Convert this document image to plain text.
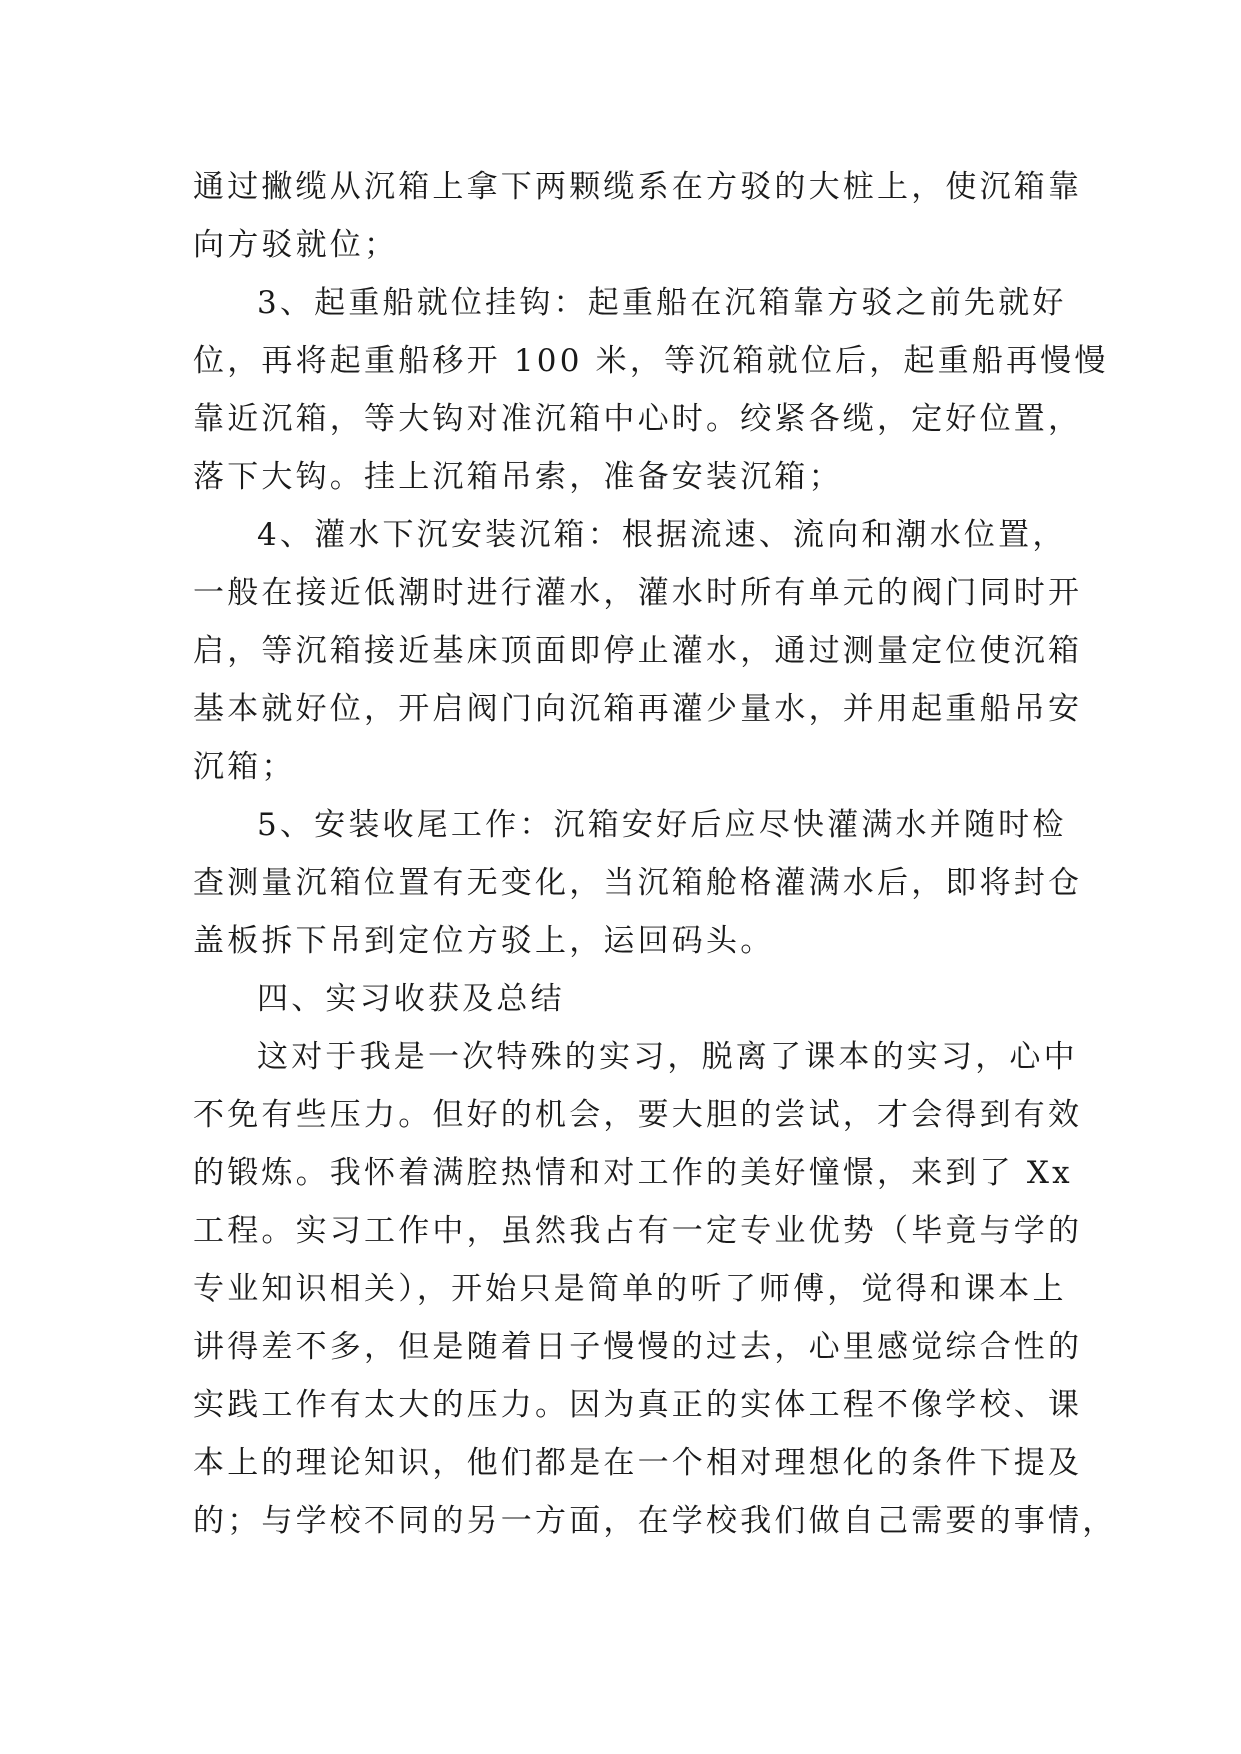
通过撇缆从沉箱上拿下两颗缆系在方驳的大桩上，使沉箱靠
向方驳就位；
3、起重船就位挂钩：起重船在沉箱靠方驳之前先就好
位，再将起重船移开 100 米，等沉箱就位后，起重船再慢慢
靠近沉箱，等大钩对准沉箱中心时。绞紧各缆，定好位置，
落下大钩。挂上沉箱吊索，准备安装沉箱；
4、灌水下沉安装沉箱：根据流速、流向和潮水位置，
一般在接近低潮时进行灌水，灌水时所有单元的阀门同时开
启，等沉箱接近基床顶面即停止灌水，通过测量定位使沉箱
基本就好位，开启阀门向沉箱再灌少量水，并用起重船吊安
沉箱；
5、安装收尾工作：沉箱安好后应尽快灌满水并随时检
查测量沉箱位置有无变化，当沉箱舱格灌满水后，即将封仓
盖板拆下吊到定位方驳上，运回码头。
四、实习收获及总结
这对于我是一次特殊的实习，脱离了课本的实习，心中
不免有些压力。但好的机会，要大胆的尝试，才会得到有效
的锻炼。我怀着满腔热情和对工作的美好憧憬，来到了 Xx
工程。实习工作中，虽然我占有一定专业优势（毕竟与学的
专业知识相关），开始只是简单的听了师傅，觉得和课本上
讲得差不多，但是随着日子慢慢的过去，心里感觉综合性的
实践工作有太大的压力。因为真正的实体工程不像学校、课
本上的理论知识，他们都是在一个相对理想化的条件下提及
的；与学校不同的另一方面，在学校我们做自己需要的事情，
